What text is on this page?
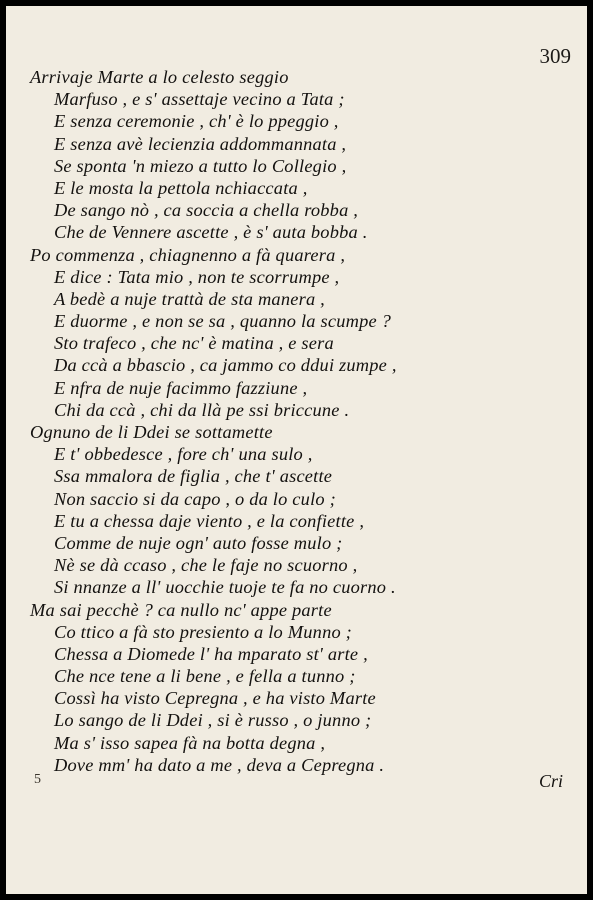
309
Arrivaje Marte a lo celesto seggio
Marfuso , e s' assettaje vecino a Tata ;
E senza ceremonie , ch' è lo ppeggio ,
E senza avè lecienzia addommannata ,
Se sponta 'n miezo a tutto lo Collegio ,
E le mosta la pettola nchiaccata ,
De sango nò , ca soccia a chella robba ,
Che de Vennere ascette , è s' auta bobba .
Po commenza , chiagnenno a fà quarera ,
E dice : Tata mio , non te scorrumpe ,
A bedè a nuje trattà de sta manera ,
E duorme , e non se sa , quanno la scumpe ?
Sto trafeco , che nc' è matina , e sera
Da ccà a bbascio , ca jammo co ddui zumpe ,
E nfra de nuje facimmo fazziune ,
Chi da ccà , chi da llà pe ssi briccune .
Ognuno de li Ddei se sottamette
E t' obbedesce , fore ch' una sulo ,
Ssa mmalora de figlia , che t' ascette
Non saccio si da capo , o da lo culo ;
E tu a chessa daje viento , e la confiette ,
Comme de nuje ogn' auto fosse mulo ;
Nè se dà ccaso , che le faje no scuorno ,
Si nnanze a ll' uocchie tuoje te fa no cuorno .
Ma sai pecchè ? ca nullo nc' appe parte
Co ttico a fà sto presiento a lo Munno ;
Chessa a Diomede l' ha mparato st' arte ,
Che nce tene a li bene , e fella a tunno ;
Cossì ha visto Cepregna , e ha visto Marte
Lo sango de li Ddei , si è russo , o junno ;
Ma s' isso sapea fà na botta degna ,
Dove mm' ha dato a me , deva a Cepregna .
5	Cri
